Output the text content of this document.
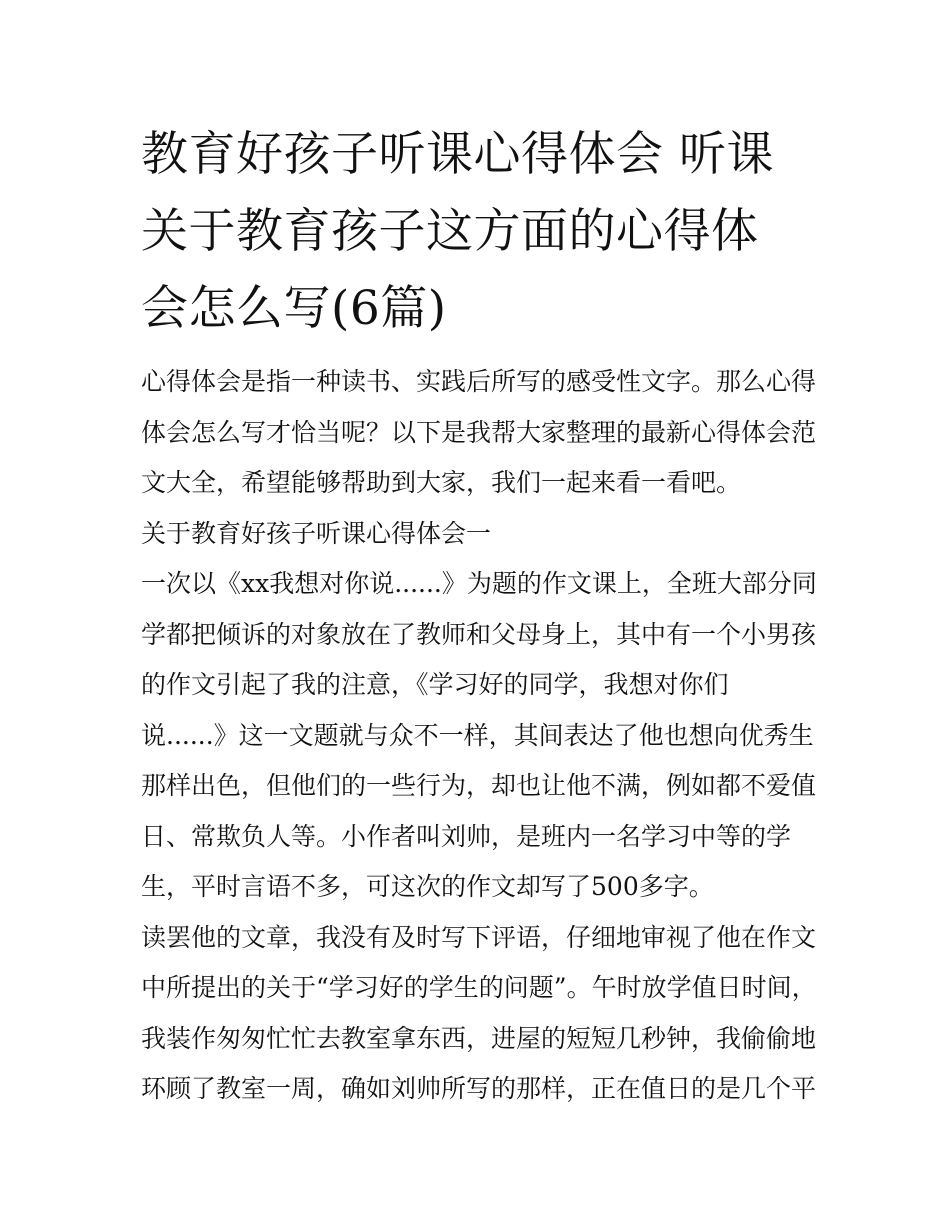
教育好孩子听课心得体会 听课
关于教育孩子这方面的心得体
会怎么写(6篇)

心得体会是指一种读书、实践后所写的感受性文字。那么心得
体会怎么写才恰当呢？以下是我帮大家整理的最新心得体会范
文大全，希望能够帮助到大家，我们一起来看一看吧。

关于教育好孩子听课心得体会一

一次以《xx我想对你说......》为题的作文课上，全班大部分同
学都把倾诉的对象放在了教师和父母身上，其中有一个小男孩
的作文引起了我的注意，《学习好的同学，我想对你们
说......》这一文题就与众不一样，其间表达了他也想向优秀生
那样出色，但他们的一些行为，却也让他不满，例如都不爱值
日、常欺负人等。小作者叫刘帅，是班内一名学习中等的学
生，平时言语不多，可这次的作文却写了500多字。

读罢他的文章，我没有及时写下评语，仔细地审视了他在作文
中所提出的关于“学习好的学生的问题”。午时放学值日时间，
我装作匆匆忙忙去教室拿东西，进屋的短短几秒钟，我偷偷地
环顾了教室一周，确如刘帅所写的那样，正在值日的是几个平
